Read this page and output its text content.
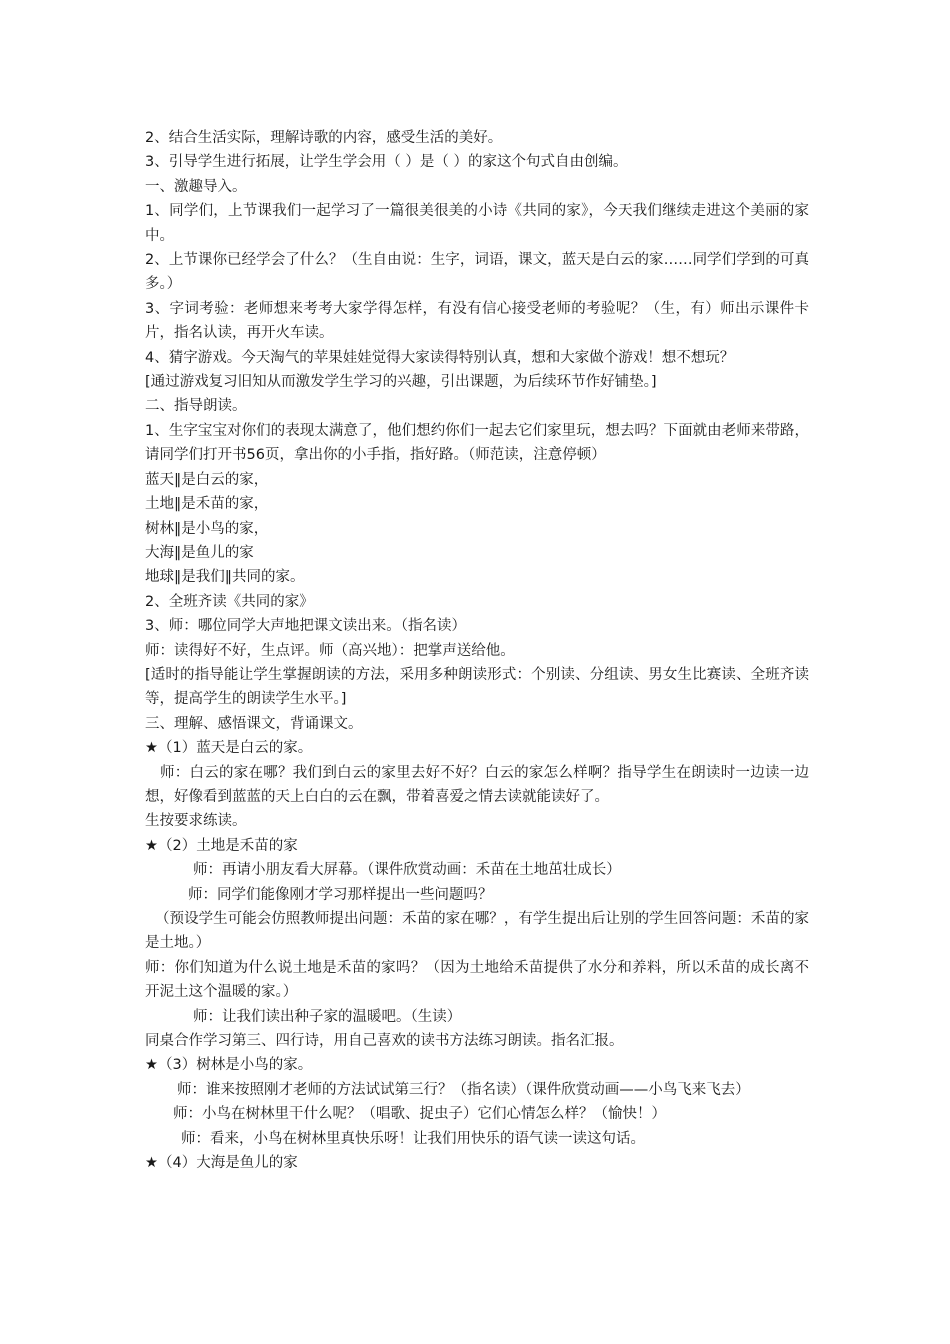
2、结合生活实际，理解诗歌的内容，感受生活的美好。
3、引导学生进行拓展，让学生学会用（ ）是（ ）的家这个句式自由创编。
一、激趣导入。
1、同学们，上节课我们一起学习了一篇很美很美的小诗《共同的家》，今天我们继续走进这个美丽的家中。
2、上节课你已经学会了什么？（生自由说：生字，词语，课文，蓝天是白云的家……同学们学到的可真多。）
3、字词考验：老师想来考考大家学得怎样，有没有信心接受老师的考验呢？（生，有）师出示课件卡片，指名认读，再开火车读。
4、猜字游戏。今天淘气的苹果娃娃觉得大家读得特别认真，想和大家做个游戏！想不想玩？
[通过游戏复习旧知从而激发学生学习的兴趣，引出课题，为后续环节作好铺垫。]
二、指导朗读。
1、生字宝宝对你们的表现太满意了，他们想约你们一起去它们家里玩，想去吗？下面就由老师来带路，请同学们打开书56页，拿出你的小手指，指好路。（师范读，注意停顿）
蓝天‖是白云的家，
土地‖是禾苗的家，
树林‖是小鸟的家，
大海‖是鱼儿的家
地球‖是我们‖共同的家。
2、全班齐读《共同的家》
3、师：哪位同学大声地把课文读出来。（指名读）
师：读得好不好，生点评。师（高兴地）：把掌声送给他。
[适时的指导能让学生掌握朗读的方法，采用多种朗读形式：个别读、分组读、男女生比赛读、全班齐读等，提高学生的朗读学生水平。]
三、理解、感悟课文，背诵课文。
★（1）蓝天是白云的家。
师：白云的家在哪？我们到白云的家里去好不好？白云的家怎么样啊？指导学生在朗读时一边读一边想，好像看到蓝蓝的天上白白的云在飘，带着喜爱之情去读就能读好了。
生按要求练读。
★（2）土地是禾苗的家
师：再请小朋友看大屏幕。（课件欣赏动画：禾苗在土地茁壮成长）
师：同学们能像刚才学习那样提出一些问题吗？
（预设学生可能会仿照教师提出问题：禾苗的家在哪？，有学生提出后让别的学生回答问题：禾苗的家是土地。）
师：你们知道为什么说土地是禾苗的家吗？（因为土地给禾苗提供了水分和养料，所以禾苗的成长离不开泥土这个温暖的家。）
师：让我们读出种子家的温暖吧。（生读）
同桌合作学习第三、四行诗，用自己喜欢的读书方法练习朗读。指名汇报。
★（3）树林是小鸟的家。
师：谁来按照刚才老师的方法试试第三行？（指名读）（课件欣赏动画——小鸟飞来飞去）
师：小鸟在树林里干什么呢？（唱歌、捉虫子）它们心情怎么样？（愉快！）
师：看来，小鸟在树林里真快乐呀！让我们用快乐的语气读一读这句话。
★（4）大海是鱼儿的家
